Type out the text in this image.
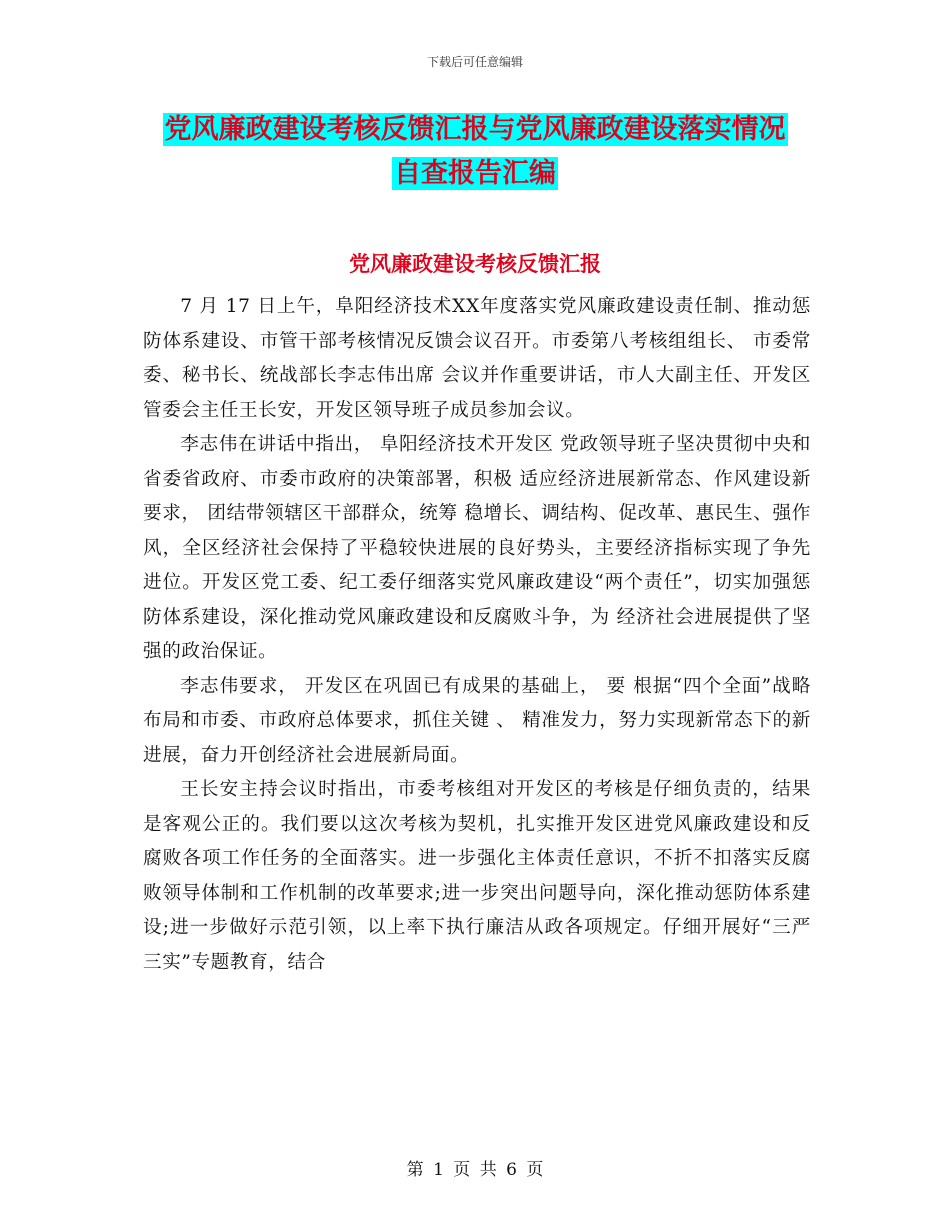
下载后可任意编辑
党风廉政建设考核反馈汇报与党风廉政建设落实情况
自查报告汇编
党风廉政建设考核反馈汇报

7 月 17 日上午，阜阳经济技术XX年度落实党风廉政建设责任制、推动惩防体系建设、市管干部考核情况反馈会议召开。市委第八考核组组长、 市委常委、秘书长、统战部长李志伟出席 会议并作重要讲话，市人大副主任、开发区管委会主任王长安，开发区领导班子成员参加会议。

李志伟在讲话中指出， 阜阳经济技术开发区 党政领导班子坚决贯彻中央和省委省政府、市委市政府的决策部署，积极 适应经济进展新常态、作风建设新要求， 团结带领辖区干部群众，统筹 稳增长、调结构、促改革、惠民生、强作风，全区经济社会保持了平稳较快进展的良好势头，主要经济指标实现了争先进位。开发区党工委、纪工委仔细落实党风廉政建设“两个责任”，切实加强惩防体系建设，深化推动党风廉政建设和反腐败斗争，为 经济社会进展提供了坚强的政治保证。

李志伟要求， 开发区在巩固已有成果的基础上， 要 根据“四个全面”战略布局和市委、市政府总体要求，抓住关键 、 精准发力，努力实现新常态下的新进展，奋力开创经济社会进展新局面。

王长安主持会议时指出，市委考核组对开发区的考核是仔细负责的，结果是客观公正的。我们要以这次考核为契机，扎实推开发区进党风廉政建设和反腐败各项工作任务的全面落实。进一步强化主体责任意识，不折不扣落实反腐败领导体制和工作机制的改革要求;进一步突出问题导向，深化推动惩防体系建设;进一步做好示范引领，以上率下执行廉洁从政各项规定。仔细开展好“三严三实”专题教育，结合

第 1 页 共 6 页
